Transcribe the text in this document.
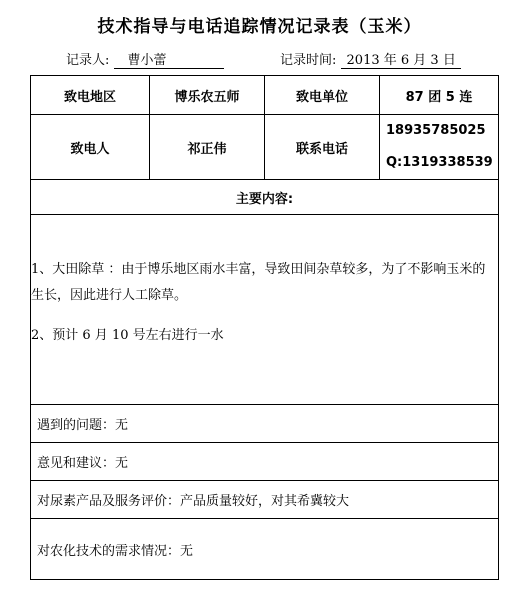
技术指导与电话追踪情况记录表（玉米）
记录人: 曹小蕾	记录时间: 2013 年 6 月 3 日
致电地区	博乐农五师	致电单位	87 团 5 连
致电人	祁正伟	联系电话	18935785025
Q:1319338539

主要内容:			

1、大田除草 ：由于博乐地区雨水丰富，导致田间杂草较多，为了不影响玉米的生长，因此进行人工除草。

2、预计 6 月 10 号左右进行一水			

遇到的问题：无			
意见和建议：无			
对尿素产品及服务评价：产品质量较好，对其希冀较大			
对农化技术的需求情况：无			
